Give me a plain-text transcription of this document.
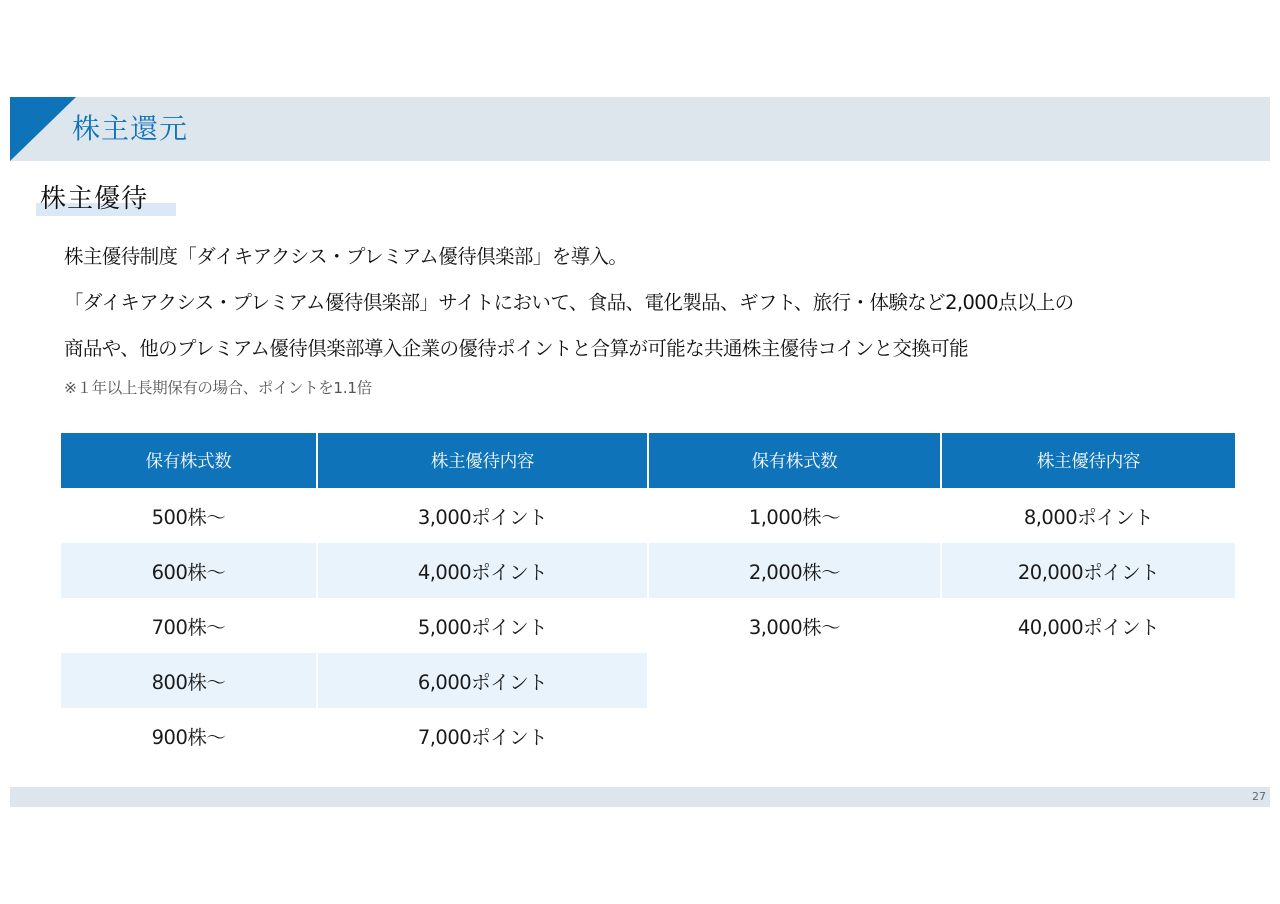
株主還元
株主優待
株主優待制度「ダイキアクシス・プレミアム優待倶楽部」を導入。
「ダイキアクシス・プレミアム優待倶楽部」サイトにおいて、食品、電化製品、ギフト、旅行・体験など2,000点以上の
商品や、他のプレミアム優待倶楽部導入企業の優待ポイントと合算が可能な共通株主優待コインと交換可能
※１年以上長期保有の場合、ポイントを1.1倍
保有株式数	株主優待内容
500株～	3,000ポイント
600株～	4,000ポイント
700株～	5,000ポイント
800株～	6,000ポイント
900株～	7,000ポイント
保有株式数	株主優待内容
1,000株～	8,000ポイント
2,000株～	20,000ポイント
3,000株～	40,000ポイント
27
